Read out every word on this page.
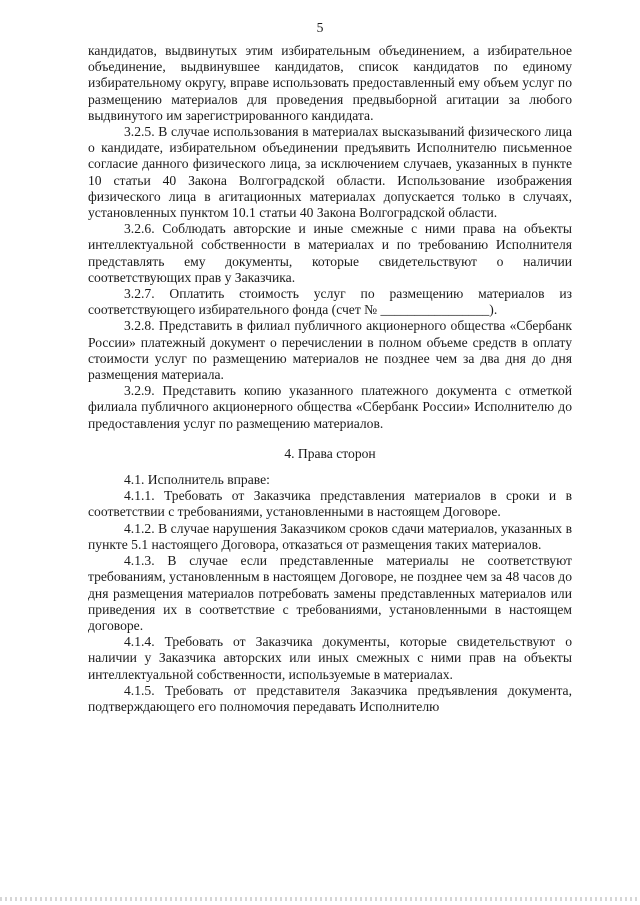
5

кандидатов, выдвинутых этим избирательным объединением, а избирательное объединение, выдвинувшее кандидатов, список кандидатов по единому избирательному округу, вправе использовать предоставленный ему объем услуг по размещению материалов для проведения предвыборной агитации за любого выдвинутого им зарегистрированного кандидата.

3.2.5. В случае использования в материалах высказываний физического лица о кандидате, избирательном объединении предъявить Исполнителю письменное согласие данного физического лица, за исключением случаев, указанных в пункте 10 статьи 40 Закона Волгоградской области. Использование изображения физического лица в агитационных материалах допускается только в случаях, установленных пунктом 10.1 статьи 40 Закона Волгоградской области.

3.2.6. Соблюдать авторские и иные смежные с ними права на объекты интеллектуальной собственности в материалах и по требованию Исполнителя представлять ему документы, которые свидетельствуют о наличии соответствующих прав у Заказчика.

3.2.7. Оплатить стоимость услуг по размещению материалов из соответствующего избирательного фонда (счет № ________________).

3.2.8. Представить в филиал публичного акционерного общества «Сбербанк России» платежный документ о перечислении в полном объеме средств в оплату стоимости услуг по размещению материалов не позднее чем за два дня до дня размещения материала.

3.2.9. Представить копию указанного платежного документа с отметкой филиала публичного акционерного общества «Сбербанк России» Исполнителю до предоставления услуг по размещению материалов.

4. Права сторон

4.1. Исполнитель вправе:

4.1.1. Требовать от Заказчика представления материалов в сроки и в соответствии с требованиями, установленными в настоящем Договоре.

4.1.2. В случае нарушения Заказчиком сроков сдачи материалов, указанных в пункте 5.1 настоящего Договора, отказаться от размещения таких материалов.

4.1.3. В случае если представленные материалы не соответствуют требованиям, установленным в настоящем Договоре, не позднее чем за 48 часов до дня размещения материалов потребовать замены представленных материалов или приведения их в соответствие с требованиями, установленными в настоящем договоре.

4.1.4. Требовать от Заказчика документы, которые свидетельствуют о наличии у Заказчика авторских или иных смежных с ними прав на объекты интеллектуальной собственности, используемые в материалах.

4.1.5. Требовать от представителя Заказчика предъявления документа, подтверждающего его полномочия передавать Исполнителю
